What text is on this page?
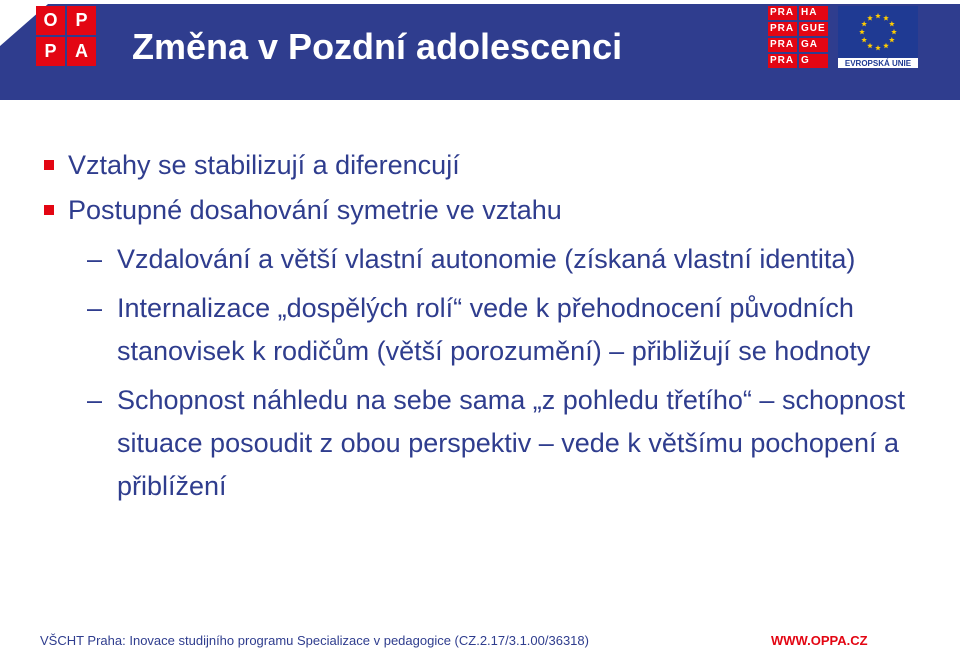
O P
P	A Změna v Pozdní adolescenci
PRA HA
PRA GUE
PRA GA
PRA G	EVROPSKÁ UNIE
Vztahy se stabilizují a diferencují
Postupné dosahování symetrie ve vztahu
– Vzdalování a větší vlastní autonomie (získaná vlastní identita)
– Internalizace „dospělých rolí“ vede k přehodnocení původních stanovisek k rodičům (větší porozumění) – přibližují se hodnoty
– Schopnost náhledu na sebe sama „z pohledu třetího“ – schopnost situace posoudit z obou perspektiv – vede k většímu pochopení a přiblížení
VŠCHT Praha: Inovace studijního programu Specializace v pedagogice (CZ.2.17/3.1.00/36318)	WWW.OPPA.CZ
